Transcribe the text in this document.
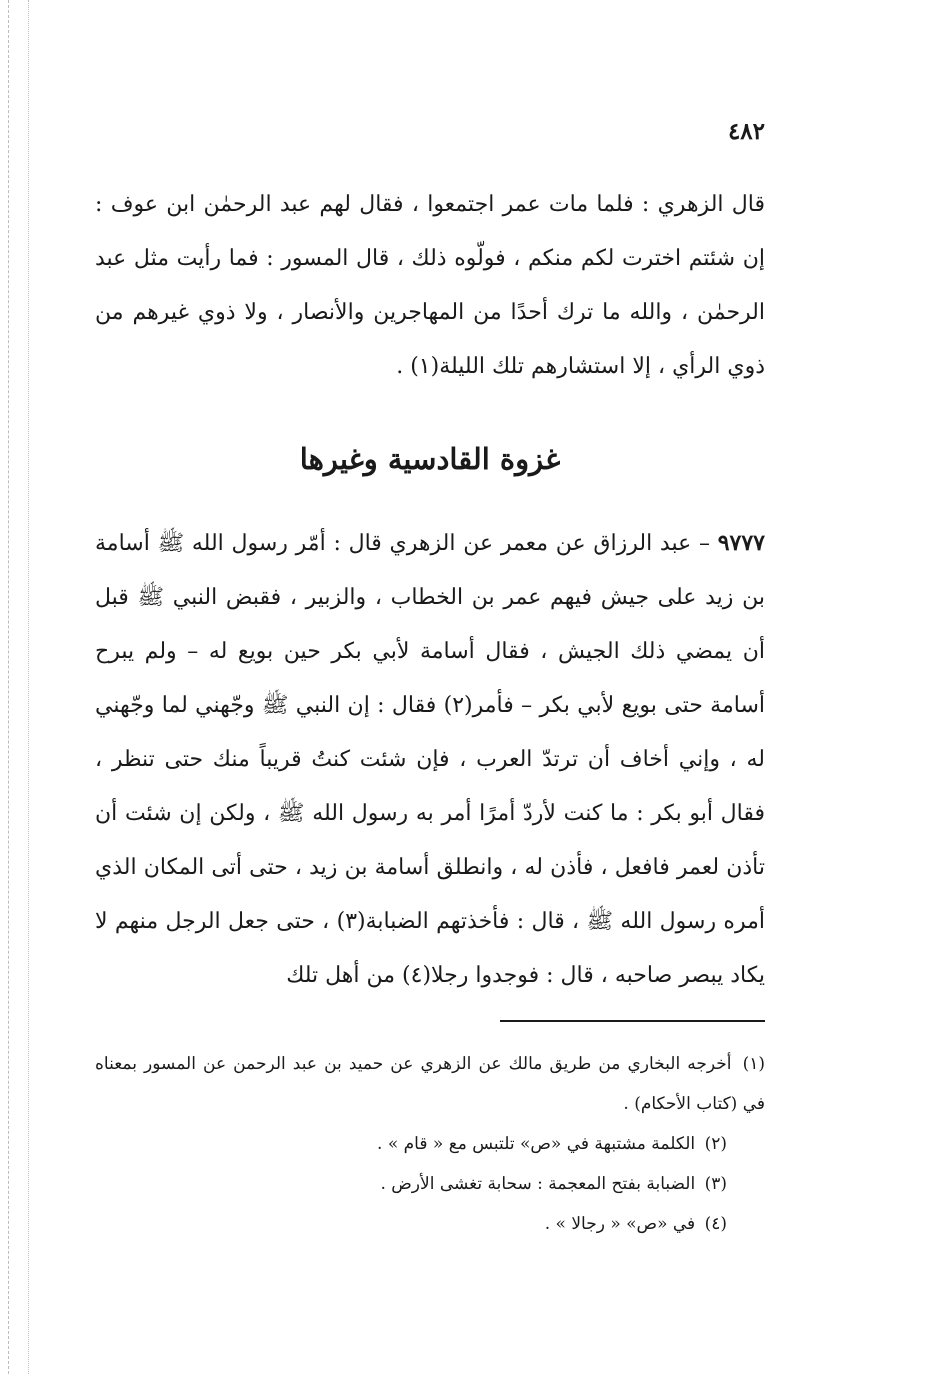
٤٨٢

قال الزهري : فلما مات عمر اجتمعوا ، فقال لهم عبد الرحمٰن ابن عوف : إن شئتم اخترت لكم منكم ، فولّوه ذلك ، قال المسور : فما رأيت مثل عبد الرحمٰن ، والله ما ترك أحدًا من المهاجرين والأنصار ، ولا ذوي غيرهم من ذوي الرأي ، إلا استشارهم تلك الليلة(١) .

غزوة القادسية وغيرها

٩٧٧٧ – عبد الرزاق عن معمر عن الزهري قال : أمّر رسول الله ﷺ أسامة بن زيد على جيش فيهم عمر بن الخطاب ، والزبير ، فقبض النبي ﷺ قبل أن يمضي ذلك الجيش ، فقال أسامة لأبي بكر حين بويع له – ولم يبرح أسامة حتى بويع لأبي بكر – فأمر(٢) فقال : إن النبي ﷺ وجّهني لما وجّهني له ، وإني أخاف أن ترتدّ العرب ، فإن شئت كنتُ قريباً منك حتى تنظر ، فقال أبو بكر : ما كنت لأردّ أمرًا أمر به رسول الله ﷺ ، ولكن إن شئت أن تأذن لعمر فافعل ، فأذن له ، وانطلق أسامة بن زيد ، حتى أتى المكان الذي أمره رسول الله ﷺ ، قال : فأخذتهم الضبابة(٣) ، حتى جعل الرجل منهم لا يكاد يبصر صاحبه ، قال : فوجدوا رجلا(٤) من أهل تلك

(١) أخرجه البخاري من طريق مالك عن الزهري عن حميد بن عبد الرحمن عن المسور بمعناه في (كتاب الأحكام) .

(٢) الكلمة مشتبهة في «ص» تلتبس مع « قام » .

(٣) الضبابة بفتح المعجمة : سحابة تغشى الأرض .

(٤) في «ص» « رجالا » .
